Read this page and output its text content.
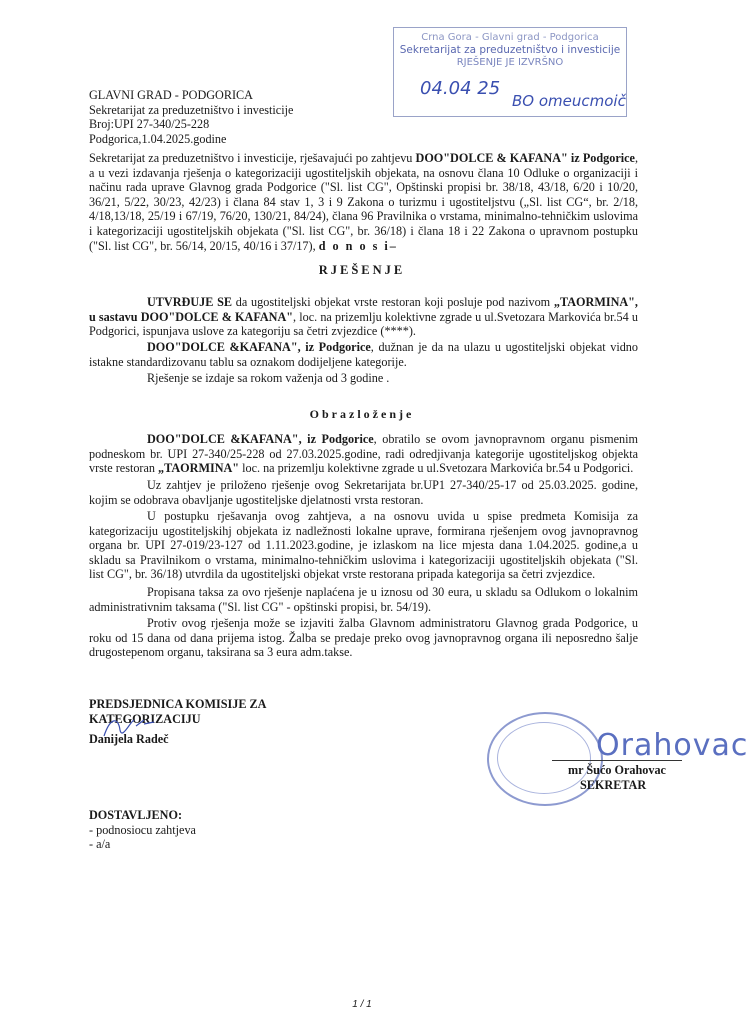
Crna Gora - Glavni grad - Podgorica
Sekretarijat za preduzetništvo i investicije
RJEŠENJE JE IZVRŠNO
04.04 25
BO omeucmoič
GLAVNI GRAD - PODGORICA
Sekretarijat za preduzetništvo i investicije
Broj:UPI 27-340/25-228
Podgorica,1.04.2025.godine
Sekretarijat za preduzetništvo i investicije, rješavajući po zahtjevu DOO"DOLCE & KAFANA" iz Podgorice, a u vezi izdavanja rješenja o kategorizaciji ugostiteljskih objekata, na osnovu člana 10 Odluke o organizaciji i načinu rada uprave Glavnog grada Podgorice ("Sl. list CG", Opštinski propisi br. 38/18, 43/18, 6/20 i 10/20, 36/21, 5/22, 30/23, 42/23) i člana 84 stav 1, 3 i 9 Zakona o turizmu i ugostiteljstvu („Sl. list CG“, br. 2/18, 4/18,13/18, 25/19 i 67/19, 76/20, 130/21, 84/24), člana 96 Pravilnika o vrstama, minimalno-tehničkim uslovima i kategorizaciji ugostiteljskih objekata ("Sl. list CG", br. 36/18) i člana 18 i 22 Zakona o upravnom postupku ("Sl. list CG", br. 56/14, 20/15, 40/16 i 37/17), d o n o s i–
RJEŠENJE
UTVRĐUJE SE da ugostiteljski objekat vrste restoran koji posluje pod nazivom „TAORMINA", u sastavu DOO"DOLCE & KAFANA", loc. na prizemlju kolektivne zgrade u ul.Svetozara Markovića br.54 u Podgorici, ispunjava uslove za kategoriju sa četri zvjezdice (****).
DOO"DOLCE &KAFANA", iz Podgorice, dužnan je da na ulazu u ugostiteljski objekat vidno istakne standardizovanu tablu sa oznakom dodijeljene kategorije.
Rješenje se izdaje sa rokom važenja od 3 godine .
Obrazloženje
DOO"DOLCE &KAFANA", iz Podgorice, obratilo se ovom javnopravnom organu pismenim podneskom br. UPI 27-340/25-228 od 27.03.2025.godine, radi odredjivanja kategorije ugostiteljskog objekta vrste restoran „TAORMINA" loc. na prizemlju kolektivne zgrade u ul.Svetozara Markovića br.54 u Podgorici.
Uz zahtjev je priloženo rješenje ovog Sekretarijata br.UP1 27-340/25-17 od 25.03.2025. godine, kojim se odobrava obavljanje ugostiteljske djelatnosti vrsta restoran.
U postupku rješavanja ovog zahtjeva, a na osnovu uvida u spise predmeta Komisija za kategorizaciju ugostiteljskihj objekata iz nadležnosti lokalne uprave, formirana rješenjem ovog javnopravnog organa br. UPI 27-019/23-127 od 1.11.2023.godine, je izlaskom na lice mjesta dana 1.04.2025. godine,a u skladu sa Pravilnikom o vrstama, minimalno-tehničkim uslovima i kategorizaciji ugostiteljskih objekata ("Sl. list CG", br. 36/18) utvrdila da ugostiteljski objekat vrste restorana pripada kategorija sa četri zvjezdice.
Propisana taksa za ovo rješenje naplaćena je u iznosu od 30 eura, u skladu sa Odlukom o lokalnim administrativnim taksama ("Sl. list CG" - opštinski propisi, br. 54/19).
Protiv ovog rješenja može se izjaviti žalba Glavnom administratoru Glavnog grada Podgorice, u roku od 15 dana od dana prijema istog. Žalba se predaje preko ovog javnopravnog organa ili neposredno šalje drugostepenom organu, taksirana sa 3 eura adm.takse.
PREDSJEDNICA KOMISIJE ZA
KATEGORIZACIJU
Danijela Radeč	Orahovac
mr Šućo Orahovac
SEKRETAR
DOSTAVLJENO:
- podnosiocu zahtjeva
- a/a
1 / 1
